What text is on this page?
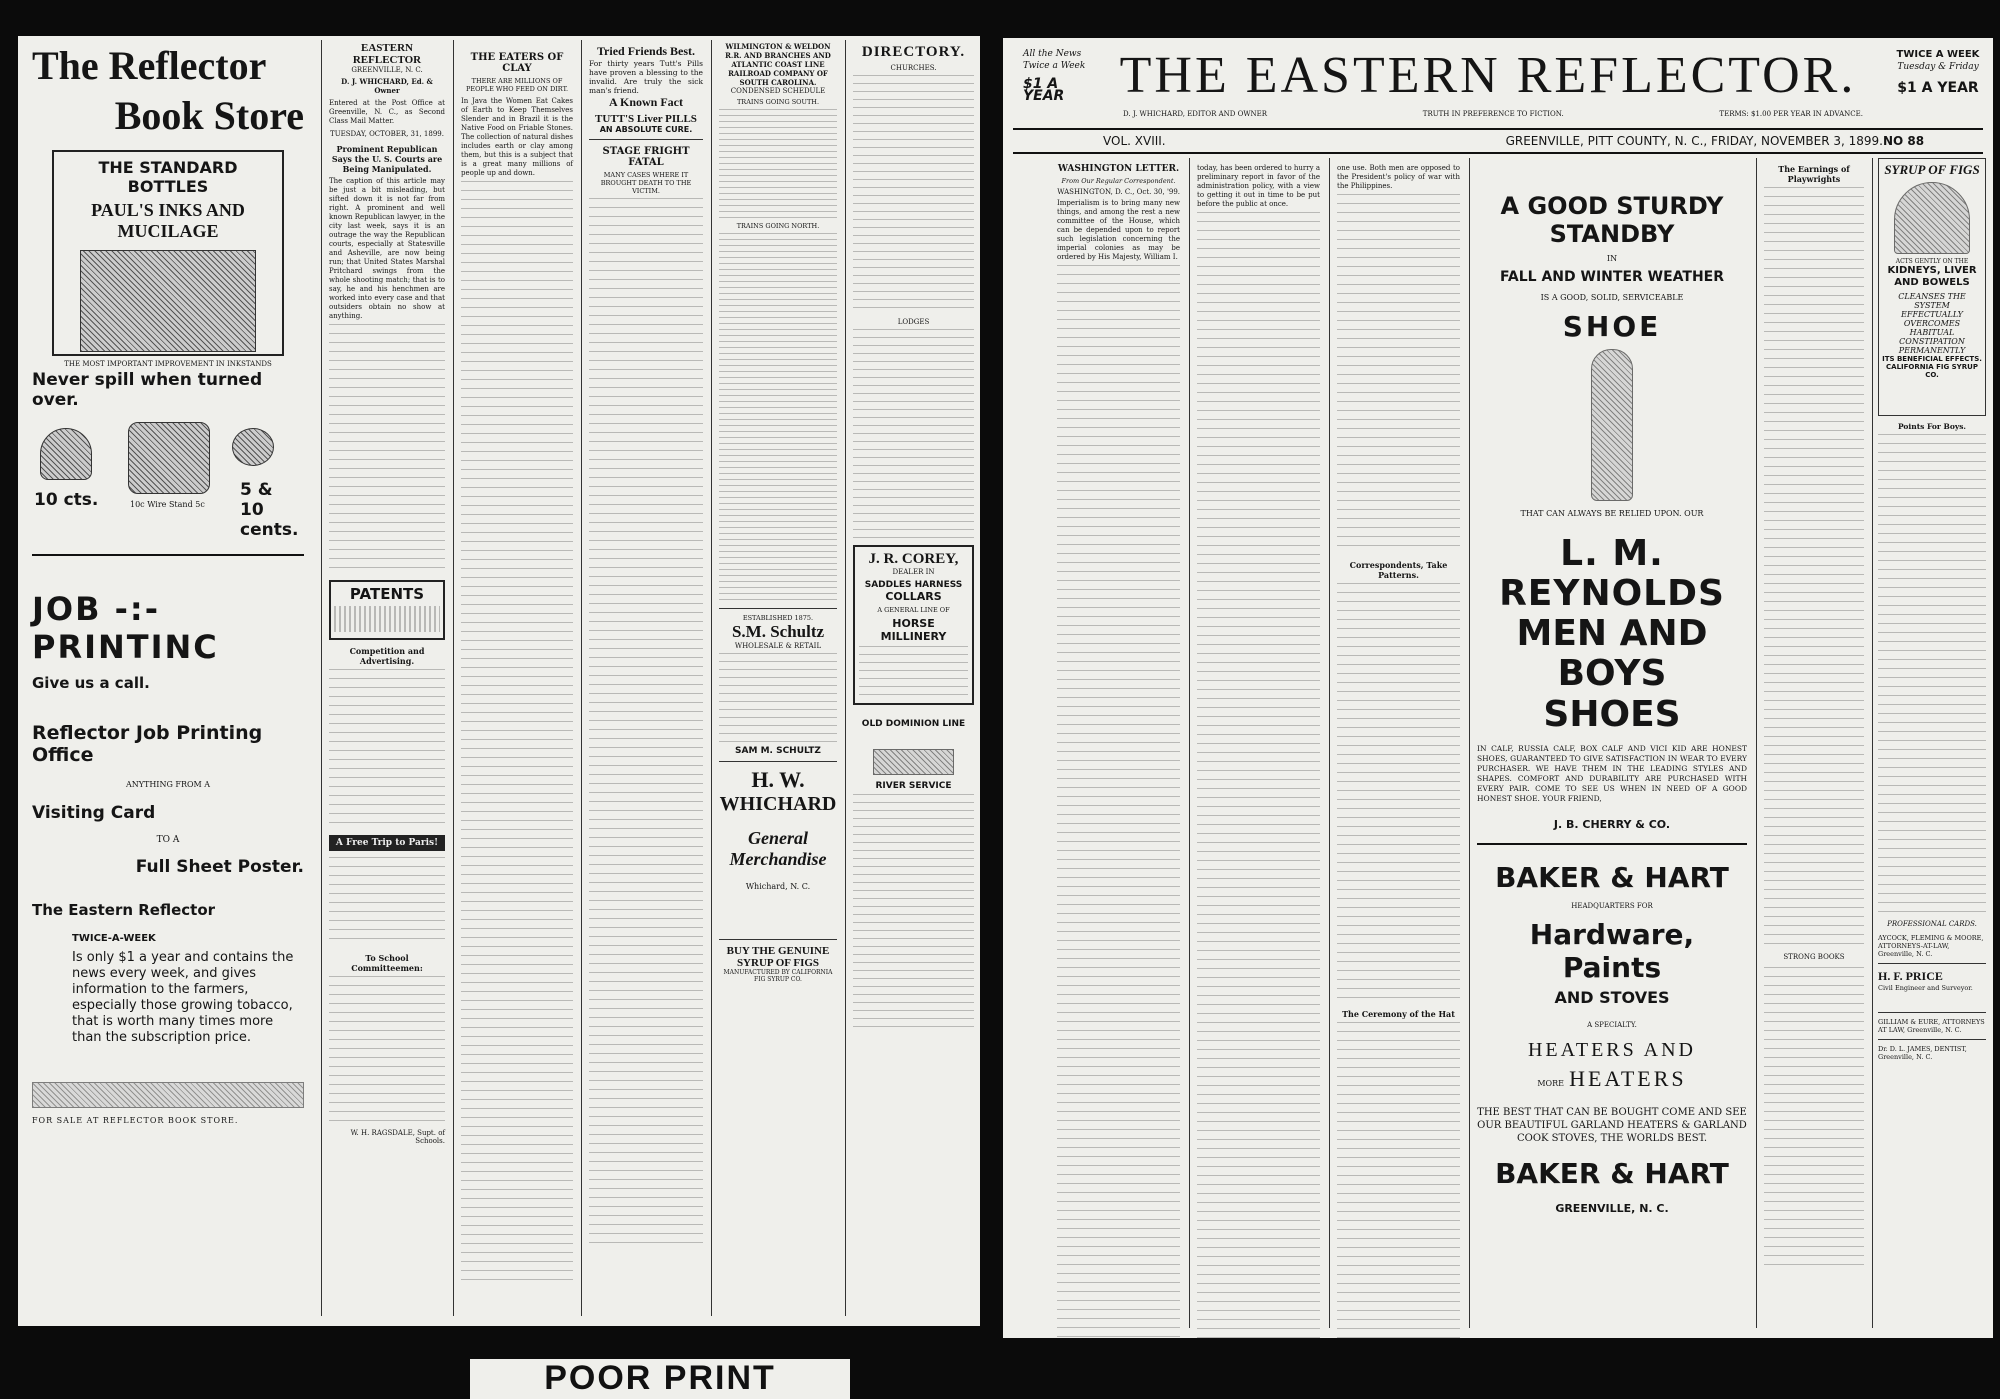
The Reflector
Book Store
THE STANDARD BOTTLES
PAUL'S INKS AND MUCILAGE
THE MOST IMPORTANT IMPROVEMENT IN INKSTANDS
Never spill when turned over.
10 cts.	10c Wire Stand 5c
5 & 10 cents.
JOB -:- PRINTINC
Give us a call.
Reflector Job Printing Office
ANYTHING FROM A
Visiting Card
TO A
Full Sheet Poster.
The Eastern Reflector
TWICE-A-WEEK
Is only $1 a year and contains the news every week, and gives information to the farmers, especially those growing tobacco, that is worth many times more than the subscription price.
FOR SALE AT REFLECTOR BOOK STORE.
EASTERN REFLECTOR
GREENVILLE, N. C.
D. J. WHICHARD, Ed. & Owner
Entered at the Post Office at Greenville, N. C., as Second Class Mail Matter.
TUESDAY, OCTOBER, 31, 1899.
Prominent Republican Says the U. S. Courts are Being Manipulated.
The caption of this article may be just a bit misleading, but sifted down it is not far from right. A prominent and well known Republican lawyer, in the city last week, says it is an outrage the way the Republican courts, especially at Statesville and Asheville, are now being run; that United States Marshal Pritchard swings from the whole shooting match; that is to say, he and his henchmen are worked into every case and that outsiders obtain no show at anything.
PATENTS
Competition and Advertising.
A Free Trip to Paris!
To School Committeemen:
W. H. RAGSDALE, Supt. of Schools.
THE EATERS OF CLAY
THERE ARE MILLIONS OF PEOPLE WHO FEED ON DIRT.
In Java the Women Eat Cakes of Earth to Keep Themselves Slender and in Brazil it is the Native Food on Friable Stones. The collection of natural dishes includes earth or clay among them, but this is a subject that is a great many millions of people up and down.
Tried Friends Best.
For thirty years Tutt's Pills have proven a blessing to the invalid. Are truly the sick man's friend.
A Known Fact
TUTT'S Liver PILLS
AN ABSOLUTE CURE.
STAGE FRIGHT FATAL
MANY CASES WHERE IT BROUGHT DEATH TO THE VICTIM.
WILMINGTON & WELDON R.R. AND BRANCHES AND ATLANTIC COAST LINE RAILROAD COMPANY OF SOUTH CAROLINA.
CONDENSED SCHEDULE
TRAINS GOING SOUTH.
TRAINS GOING NORTH.
ESTABLISHED 1875.
S.M. Schultz
WHOLESALE & RETAIL
SAM M. SCHULTZ
H. W.
WHICHARD
General Merchandise
Whichard, N. C.
BUY THE GENUINE SYRUP OF FIGS
MANUFACTURED BY CALIFORNIA FIG SYRUP CO.
DIRECTORY.
CHURCHES.
LODGES
J. R. COREY,
DEALER IN
SADDLES HARNESS
COLLARS
A GENERAL LINE OF
HORSE MILLINERY
OLD DOMINION LINE
RIVER SERVICE
All the News Twice a Week
$1 A YEAR	THE EASTERN REFLECTOR.
D. J. WHICHARD, EDITOR AND OWNER	TRUTH IN PREFERENCE TO FICTION.	TERMS: $1.00 PER YEAR IN ADVANCE.
TWICE A WEEK
Tuesday & Friday
$1 A YEAR
VOL. XVIII.	GREENVILLE, PITT COUNTY, N. C., FRIDAY, NOVEMBER 3, 1899. NO 88
WASHINGTON LETTER.
From Our Regular Correspondent.
WASHINGTON, D. C., Oct. 30, '99.
Imperialism is to bring many new things, and among the rest a new committee of the House, which can be depended upon to report such legislation concerning the imperial colonies as may be ordered by His Majesty, William I.
today, has been ordered to hurry a preliminary report in favor of the administration policy, with a view to getting it out in time to be put before the public at once.
one use. Both men are opposed to the President's policy of war with the Philippines.
Correspondents, Take Patterns.
The Ceremony of the Hat
A GOOD STURDY STANDBY
IN
FALL AND WINTER WEATHER
IS A GOOD, SOLID, SERVICEABLE
SHOE
THAT CAN ALWAYS BE RELIED UPON. OUR
L. M. REYNOLDS
MEN AND BOYS
SHOES
IN CALF, RUSSIA CALF, BOX CALF AND VICI KID ARE HONEST SHOES, GUARANTEED TO GIVE SATISFACTION IN WEAR TO EVERY PURCHASER. WE HAVE THEM IN THE LEADING STYLES AND SHAPES. COMFORT AND DURABILITY ARE PURCHASED WITH EVERY PAIR. COME TO SEE US WHEN IN NEED OF A GOOD HONEST SHOE. YOUR FRIEND,
J. B. CHERRY & CO.
BAKER & HART
HEADQUARTERS FOR
Hardware, Paints
AND STOVES
A SPECIALTY.
HEATERS AND
MORE HEATERS
THE BEST THAT CAN BE BOUGHT COME AND SEE OUR BEAUTIFUL GARLAND HEATERS & GARLAND COOK STOVES, THE WORLDS BEST.
BAKER & HART
GREENVILLE, N. C.
The Earnings of Playwrights
STRONG BOOKS
SYRUP OF FIGS
ACTS GENTLY ON THE
KIDNEYS, LIVER AND BOWELS
CLEANSES THE SYSTEM EFFECTUALLY
OVERCOMES HABITUAL CONSTIPATION PERMANENTLY
ITS BENEFICIAL EFFECTS.
CALIFORNIA FIG SYRUP CO.
Points For Boys.
PROFESSIONAL CARDS.
AYCOCK, FLEMING & MOORE, ATTORNEYS-AT-LAW, Greenville, N. C.
H. F. PRICE
Civil Engineer and Surveyor.
GILLIAM & EURE, ATTORNEYS AT LAW, Greenville, N. C.
Dr. D. L. JAMES, DENTIST, Greenville, N. C.
POOR PRINT
